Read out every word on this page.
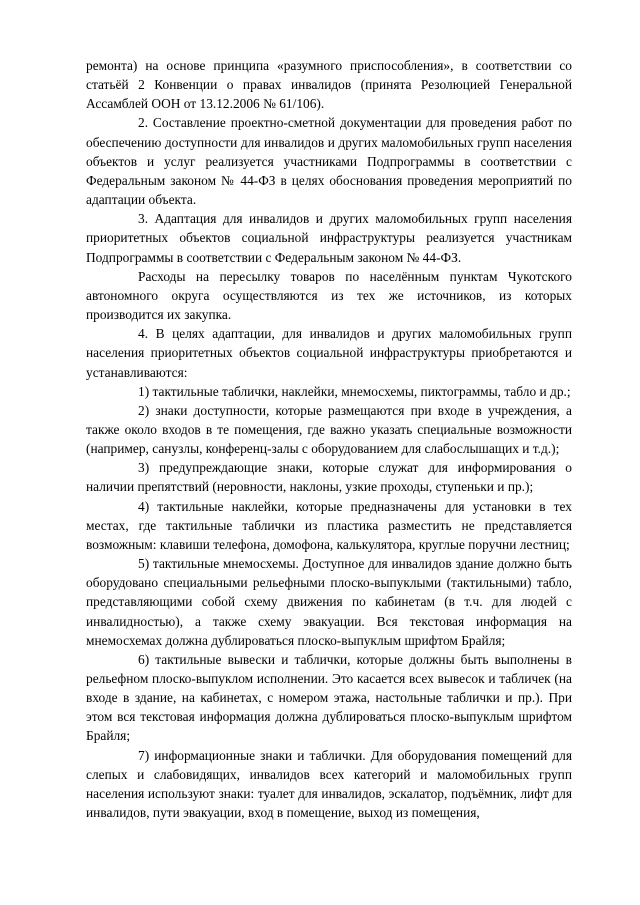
ремонта) на основе принципа «разумного приспособления», в соответствии со статьёй 2 Конвенции о правах инвалидов (принята Резолюцией Генеральной Ассамблей ООН от 13.12.2006 № 61/106).

2. Составление проектно-сметной документации для проведения работ по обеспечению доступности для инвалидов и других маломобильных групп населения объектов и услуг реализуется участниками Подпрограммы в соответствии с Федеральным законом № 44-ФЗ в целях обоснования проведения мероприятий по адаптации объекта.

3. Адаптация для инвалидов и других маломобильных групп населения приоритетных объектов социальной инфраструктуры реализуется участникам Подпрограммы в соответствии с Федеральным законом № 44-ФЗ.

Расходы на пересылку товаров по населённым пунктам Чукотского автономного округа осуществляются из тех же источников, из которых производится их закупка.

4. В целях адаптации, для инвалидов и других маломобильных групп населения приоритетных объектов социальной инфраструктуры приобретаются и устанавливаются:

1) тактильные таблички, наклейки, мнемосхемы, пиктограммы, табло и др.;

2) знаки доступности, которые размещаются при входе в учреждения, а также около входов в те помещения, где важно указать специальные возможности (например, санузлы, конференц-залы с оборудованием для слабослышащих и т.д.);

3) предупреждающие знаки, которые служат для информирования о наличии препятствий (неровности, наклоны, узкие проходы, ступеньки и пр.);

4) тактильные наклейки, которые предназначены для установки в тех местах, где тактильные таблички из пластика разместить не представляется возможным: клавиши телефона, домофона, калькулятора, круглые поручни лестниц;

5) тактильные мнемосхемы. Доступное для инвалидов здание должно быть оборудовано специальными рельефными плоско-выпуклыми (тактильными) табло, представляющими собой схему движения по кабинетам (в т.ч. для людей с инвалидностью), а также схему эвакуации. Вся текстовая информация на мнемосхемах должна дублироваться плоско-выпуклым шрифтом Брайля;

6) тактильные вывески и таблички, которые должны быть выполнены в рельефном плоско-выпуклом исполнении. Это касается всех вывесок и табличек (на входе в здание, на кабинетах, с номером этажа, настольные таблички и пр.). При этом вся текстовая информация должна дублироваться плоско-выпуклым шрифтом Брайля;

7) информационные знаки и таблички. Для оборудования помещений для слепых и слабовидящих, инвалидов всех категорий и маломобильных групп населения используют знаки: туалет для инвалидов, эскалатор, подъёмник, лифт для инвалидов, пути эвакуации, вход в помещение, выход из помещения,
